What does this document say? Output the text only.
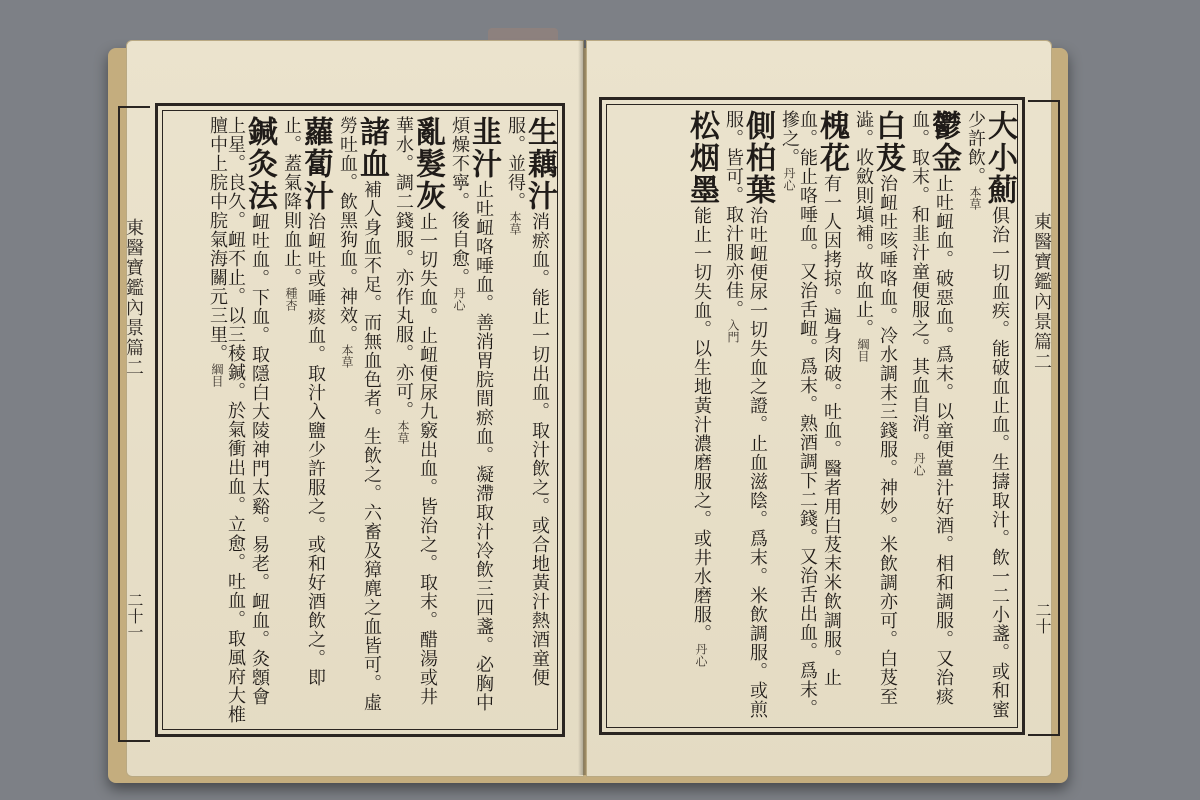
東醫寶鑑內景篇二
二十一
生藕汁消瘀血。能止一切出血。取汁飲之。或合地黃汁熱酒童便服。並得。本草
韭汁止吐衄咯唾血。善消胃脘間瘀血。凝滯取汁冷飲三四盞。必胸中煩燥不寧。後自愈。丹心
亂髮灰止一切失血。止衄便尿九竅出血。皆治之。取末。醋湯或井華水。調二錢服。亦作丸服。亦可。本草
諸血補人身血不足。而無血色者。生飲之。六畜及獐麂之血皆可。虛勞吐血。飲黑狗血。神效。本草
蘿蔔汁治衄吐或唾痰血。取汁入鹽少許服之。或和好酒飲之。即止。蓋氣降則血止。種杏
鍼灸法衄吐血。下血。取隱白大陵神門太谿。易老。衄血。灸顖會上星。良久。衄不止。以三稜鍼。於氣衝出血。立愈。吐血。取風府大椎膻中上脘中脘氣海關元三里。綱目
東醫寶鑑內景篇二
二十
大小薊俱治一切血疾。能破血止血。生擣取汁。飲一二小盞。或和蜜少許飲。本草
鬱金止吐衄血。破惡血。爲末。以童便薑汁好酒。相和調服。又治痰血。取末。和韭汁童便服之。其血自消。丹心
白芨治衄吐咳唾咯血。冷水調末三錢服。神妙。米飲調亦可。白芨至澁。收斂則塡補。故血止。綱目
槐花有一人因拷掠。遍身肉破。吐血。醫者用白芨末米飲調服。止血。能止咯唾血。又治舌衄。爲末。熟酒調下二錢。又治舌出血。爲末。摻之。丹心
側柏葉治吐衄便尿一切失血之證。止血滋陰。爲末。米飲調服。或煎服。皆可。取汁服亦佳。入門
松烟墨能止一切失血。以生地黃汁濃磨服之。或井水磨服。丹心
